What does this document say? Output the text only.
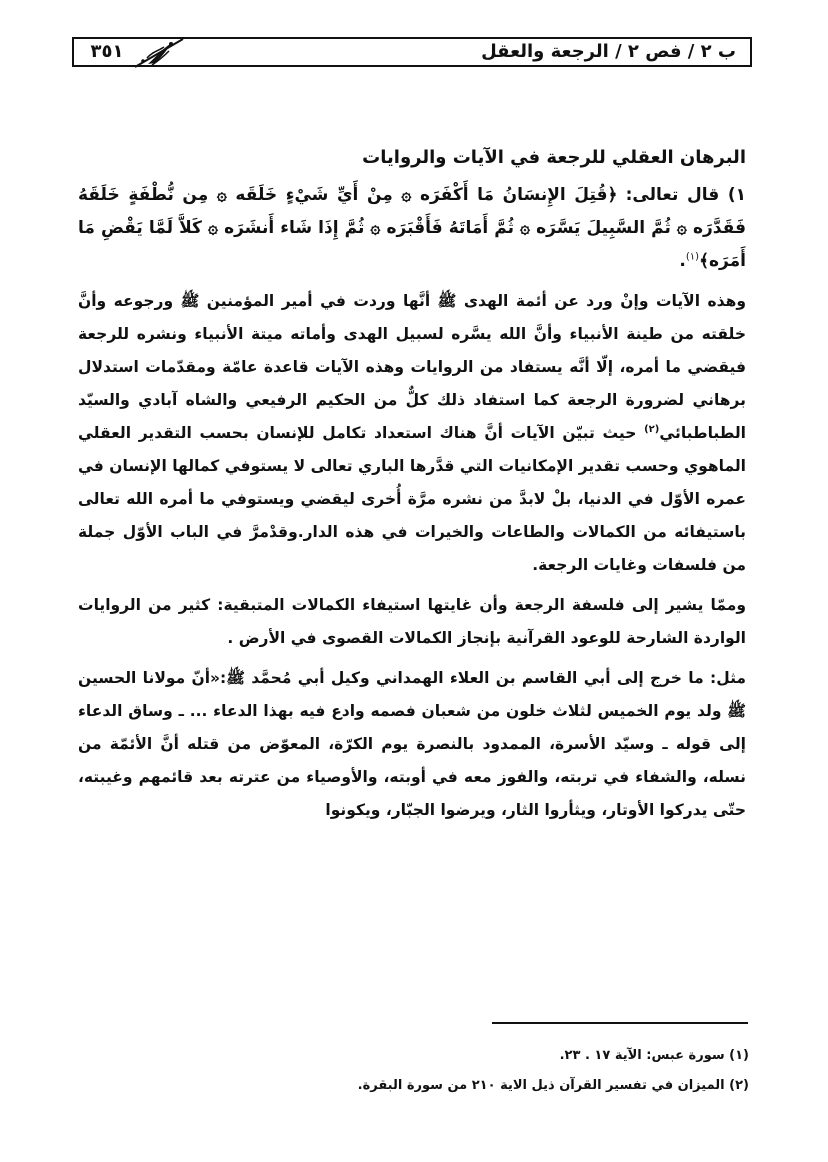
ب ٢ / فص ٢ / الرجعة والعقل
٣٥١
البرهان العقلي للرجعة في الآيات والروايات

١) قال تعالى: ﴿قُتِلَ الإِنسَانُ مَا أَكْفَرَه ۞ مِنْ أَيِّ شَيْءٍ خَلَقَه ۞ مِن نُّطْفَةٍ خَلَقَهُ فَقَدَّرَه ۞ ثُمَّ السَّبِيلَ يَسَّرَه ۞ ثُمَّ أَمَاتَهُ فَأَقْبَرَه ۞ ثُمَّ إِذَا شَاء أَنشَرَه ۞ كَلاَّ لَمَّا يَقْضِ مَا أَمَرَه﴾$^{(١)}$.

وهذه الآيات وإنْ ورد عن أئمة الهدى ﷺ أنَّها وردت في أمير المؤمنين ﷺ ورجوعه وأنَّ خلقته من طينة الأنبياء وأنَّ الله يسَّره لسبيل الهدى وأماته ميتة الأنبياء ونشره للرجعة فيقضي ما أمره، إلّا أنَّه يستفاد من الروايات وهذه الآيات قاعدة عامّة ومقدّمات استدلال برهاني لضرورة الرجعة كما استفاد ذلك كلٌّ من الحكيم الرفيعي والشاه آبادي والسيّد الطباطبائي$^{(٢)}$ حيث تبيّن الآيات أنَّ هناك استعداد تكامل للإنسان بحسب التقدير العقلي الماهوي وحسب تقدير الإمكانيات التي قدَّرها الباري تعالى لا يستوفي كمالها الإنسان في عمره الأوّل في الدنيا، بلْ لابدَّ من نشره مرَّة أُخرى ليقضي ويستوفي ما أمره الله تعالى باستيفائه من الكمالات والطاعات والخيرات في هذه الدار.وقدْمرَّ في الباب الأوّل جملة من فلسفات وغايات الرجعة.

وممّا يشير إلى فلسفة الرجعة وأن غايتها استيفاء الكمالات المتبقية: كثير من الروايات الواردة الشارحة للوعود القرآنية بإنجاز الكمالات القصوى في الأرض .

مثل: ما خرج إلى أبي القاسم بن العلاء الهمداني وكيل أبي مُحمَّد ﷺ:«أنّ مولانا الحسين ﷺ ولد يوم الخميس لثلاث خلون من شعبان فصمه وادع فيه بهذا الدعاء ... ـ وساق الدعاء إلى قوله ـ وسيّد الأسرة، الممدود بالنصرة يوم الكرّة، المعوّض من قتله أنَّ الأئمّة من نسله، والشفاء في تربته، والفوز معه في أوبته، والأوصياء من عترته بعد قائمهم وغيبته، حتّى يدركوا الأوتار، ويثأروا الثار، ويرضوا الجبّار، ويكونوا

(١) سورة عبس: الآية ١٧ . ٢٣.
(٢) الميزان في تفسير القرآن ذيل الاية ٢١٠ من سورة البقرة.
